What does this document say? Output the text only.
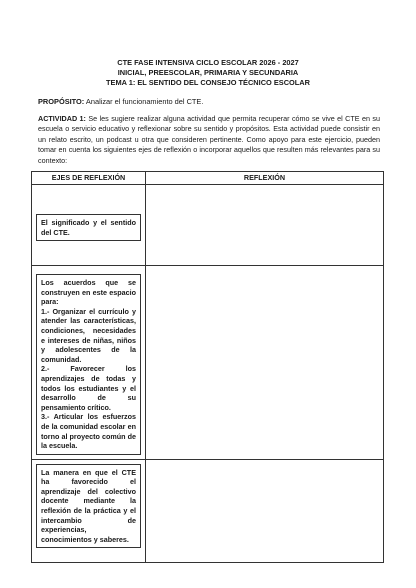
CTE FASE INTENSIVA CICLO ESCOLAR 2026 - 2027
INICIAL, PREESCOLAR, PRIMARIA Y SECUNDARIA
TEMA 1: EL SENTIDO DEL CONSEJO TÉCNICO ESCOLAR
PROPÓSITO: Analizar el funcionamiento del CTE.
ACTIVIDAD 1: Se les sugiere realizar alguna actividad que permita recuperar cómo se vive el CTE en su escuela o servicio educativo y reflexionar sobre su sentido y propósitos. Esta actividad puede consistir en un relato escrito, un podcast u otra que consideren pertinente. Como apoyo para este ejercicio, pueden tomar en cuenta los siguientes ejes de reflexión o incorporar aquellos que resulten más relevantes para su contexto:
EJES DE REFLEXIÓN	REFLEXIÓN

El significado y el sentido del CTE.	

Los acuerdos que se construyen en este espacio para:
1.- Organizar el currículo y atender las características, condiciones, necesidades e intereses de niñas, niños y adolescentes de la comunidad.
2.- Favorecer los aprendizajes de todas y todos los estudiantes y el desarrollo de su pensamiento crítico.
3.- Articular los esfuerzos de la comunidad escolar en torno al proyecto común de la escuela.	

La manera en que el CTE ha favorecido el aprendizaje del colectivo docente mediante la reflexión de la práctica y el intercambio de experiencias, conocimientos y saberes.	
